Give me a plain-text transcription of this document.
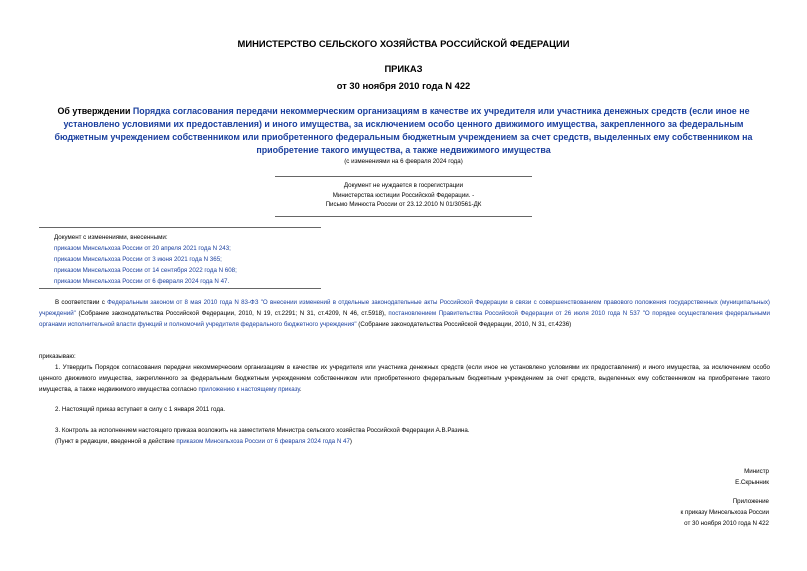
МИНИСТЕРСТВО СЕЛЬСКОГО ХОЗЯЙСТВА РОССИЙСКОЙ ФЕДЕРАЦИИ
ПРИКАЗ
от 30 ноября 2010 года N 422
Об утверждении Порядка согласования передачи некоммерческим организациям в качестве их учредителя или участника денежных средств (если иное не установлено условиями их предоставления) и иного имущества, за исключением особо ценного движимого имущества, закрепленного за федеральным бюджетным учреждением собственником или приобретенного федеральным бюджетным учреждением за счет средств, выделенных ему собственником на приобретение такого имущества, а также недвижимого имущества
(с изменениями на 6 февраля 2024 года)
Документ не нуждается в госрегистрации
Министерства юстиции Российской Федерации. -
Письмо Минюста России от 23.12.2010 N 01/30561-ДК
Документ с изменениями, внесенными:
приказом Минсельхоза России от 20 апреля 2021 года N 243;
приказом Минсельхоза России от 3 июня 2021 года N 365;
приказом Минсельхоза России от 14 сентября 2022 года N 608;
приказом Минсельхоза России от 6 февраля 2024 года N 47.
В соответствии с Федеральным законом от 8 мая 2010 года N 83-ФЗ "О внесении изменений в отдельные законодательные акты Российской Федерации в связи с совершенствованием правового положения государственных (муниципальных) учреждений" (Собрание законодательства Российской Федерации, 2010, N 19, ст.2291; N 31, ст.4209, N 46, ст.5918), постановлением Правительства Российской Федерации от 26 июля 2010 года N 537 "О порядке осуществления федеральными органами исполнительной власти функций и полномочий учредителя федерального бюджетного учреждения" (Собрание законодательства Российской Федерации, 2010, N 31, ст.4236)
приказываю:
1. Утвердить Порядок согласования передачи некоммерческим организациям в качестве их учредителя или участника денежных средств (если иное не установлено условиями их предоставления) и иного имущества, за исключением особо ценного движимого имущества, закрепленного за федеральным бюджетным учреждением собственником или приобретенного федеральным бюджетным учреждением за счет средств, выделенных ему собственником на приобретение такого имущества, а также недвижимого имущества согласно приложению к настоящему приказу.
2. Настоящий приказ вступает в силу с 1 января 2011 года.
3. Контроль за исполнением настоящего приказа возложить на заместителя Министра сельского хозяйства Российской Федерации А.В.Разина.
(Пункт в редакции, введенной в действие приказом Минсельхоза России от 6 февраля 2024 года N 47)
Министр
Е.Скрынник
Приложение
к приказу Минсельхоза России
от 30 ноября 2010 года N 422
